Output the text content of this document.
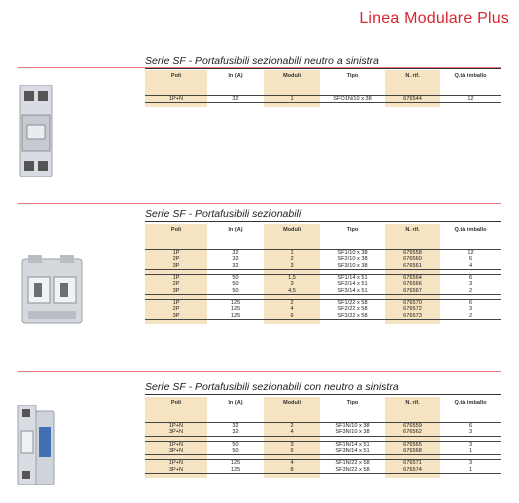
Linea Modulare Plus
Serie SF - Portafusibili sezionabili neutro a sinistra
Poli	In (A)	Moduli	Tipo	N. rif.	Q.tà imballo
1P+N	32	1	SFO1N/10 x 38	676544	12

Serie SF - Portafusibili sezionabili
Poli	In (A)	Moduli	Tipo	N. rif.	Q.tà imballo
1P	32	1	SF1/10 x 38	676558	12
2P	32	2	SF2/10 x 38	676560	6
3P	32	3	SF3/10 x 38	676561	4

1P	50	1,5	SF1/14 x 51	676564	6
2P	50	3	SF2/14 x 51	676566	3
3P	50	4,5	SF3/14 x 51	676567	2

1P	125	2	SF1/22 x 58	676570	6
2P	125	4	SF2/22 x 58	676572	3
3P	125	6	SF3/22 x 58	676573	2

Serie SF - Portafusibili sezionabili con neutro a sinistra
Poli	In (A)	Moduli	Tipo	N. rif.	Q.tà imballo
1P+N	32	2	SF1N/10 x 38	676559	6
3P+N	32	4	SF3N/10 x 38	676562	3

1P+N	50	3	SF1N/14 x 51	676565	3
3P+N	50	6	SF3N/14 x 51	676568	1

1P+N	125	4	SF1N/22 x 58	676571	3
3P+N	125	8	SF3N/22 x 58	676574	1
